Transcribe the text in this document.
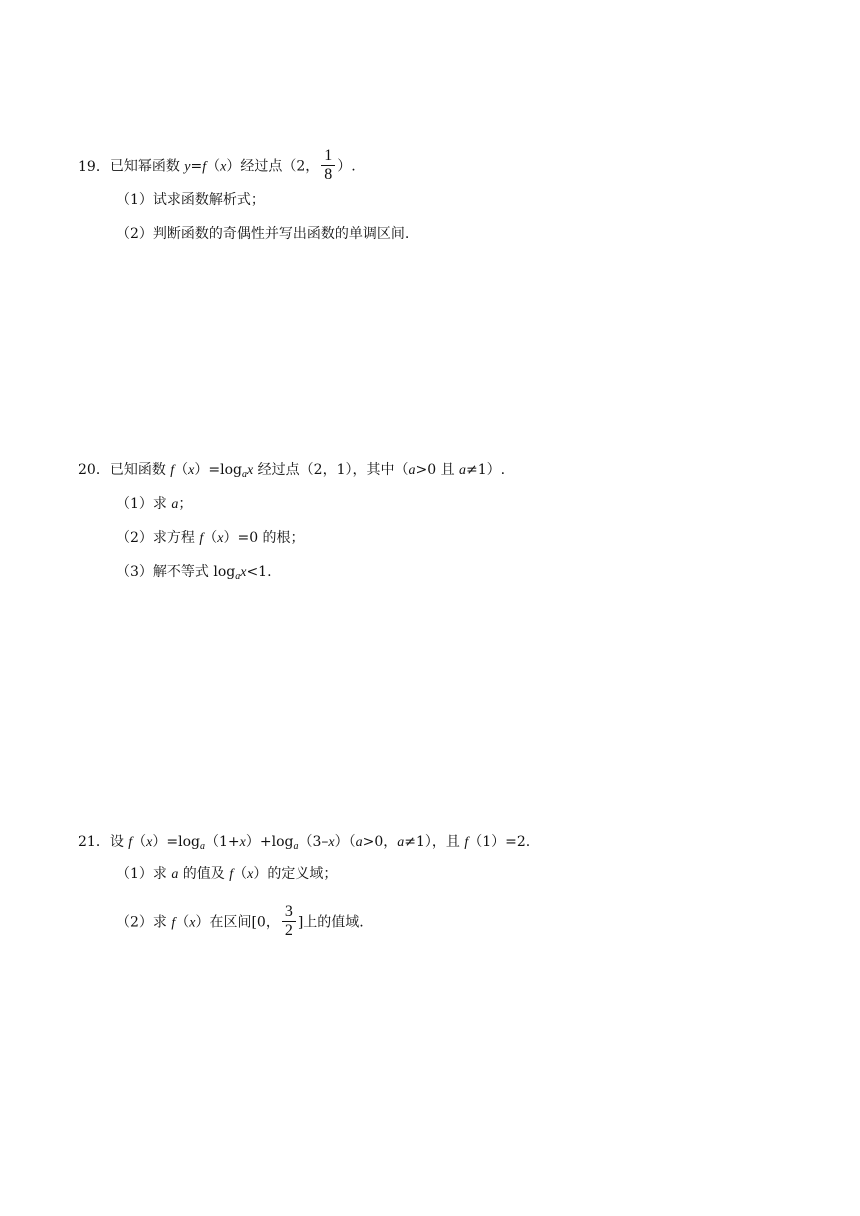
19．已知幂函数 y=f（x）经过点（2， $\frac{1}{8}$ ）.
（1）试求函数解析式；
（2）判断函数的奇偶性并写出函数的单调区间.
20．已知函数 $f(x)=\log_ax$ 经过点（2，1），其中（a>0 且 a≠1）.
（1）求 a；
（2）求方程 f（x）=0 的根；
（3）解不等式 $\log_ax<1$.
21．设 $f(x)=\log_a(1+x)+\log_a(3-x)(a>0$，a≠1），且 f（1）=2.
（1）求 a 的值及 f（x）的定义域；
（2）求 f（x）在区间[0， $\frac{3}{2}$ ]上的值域.
